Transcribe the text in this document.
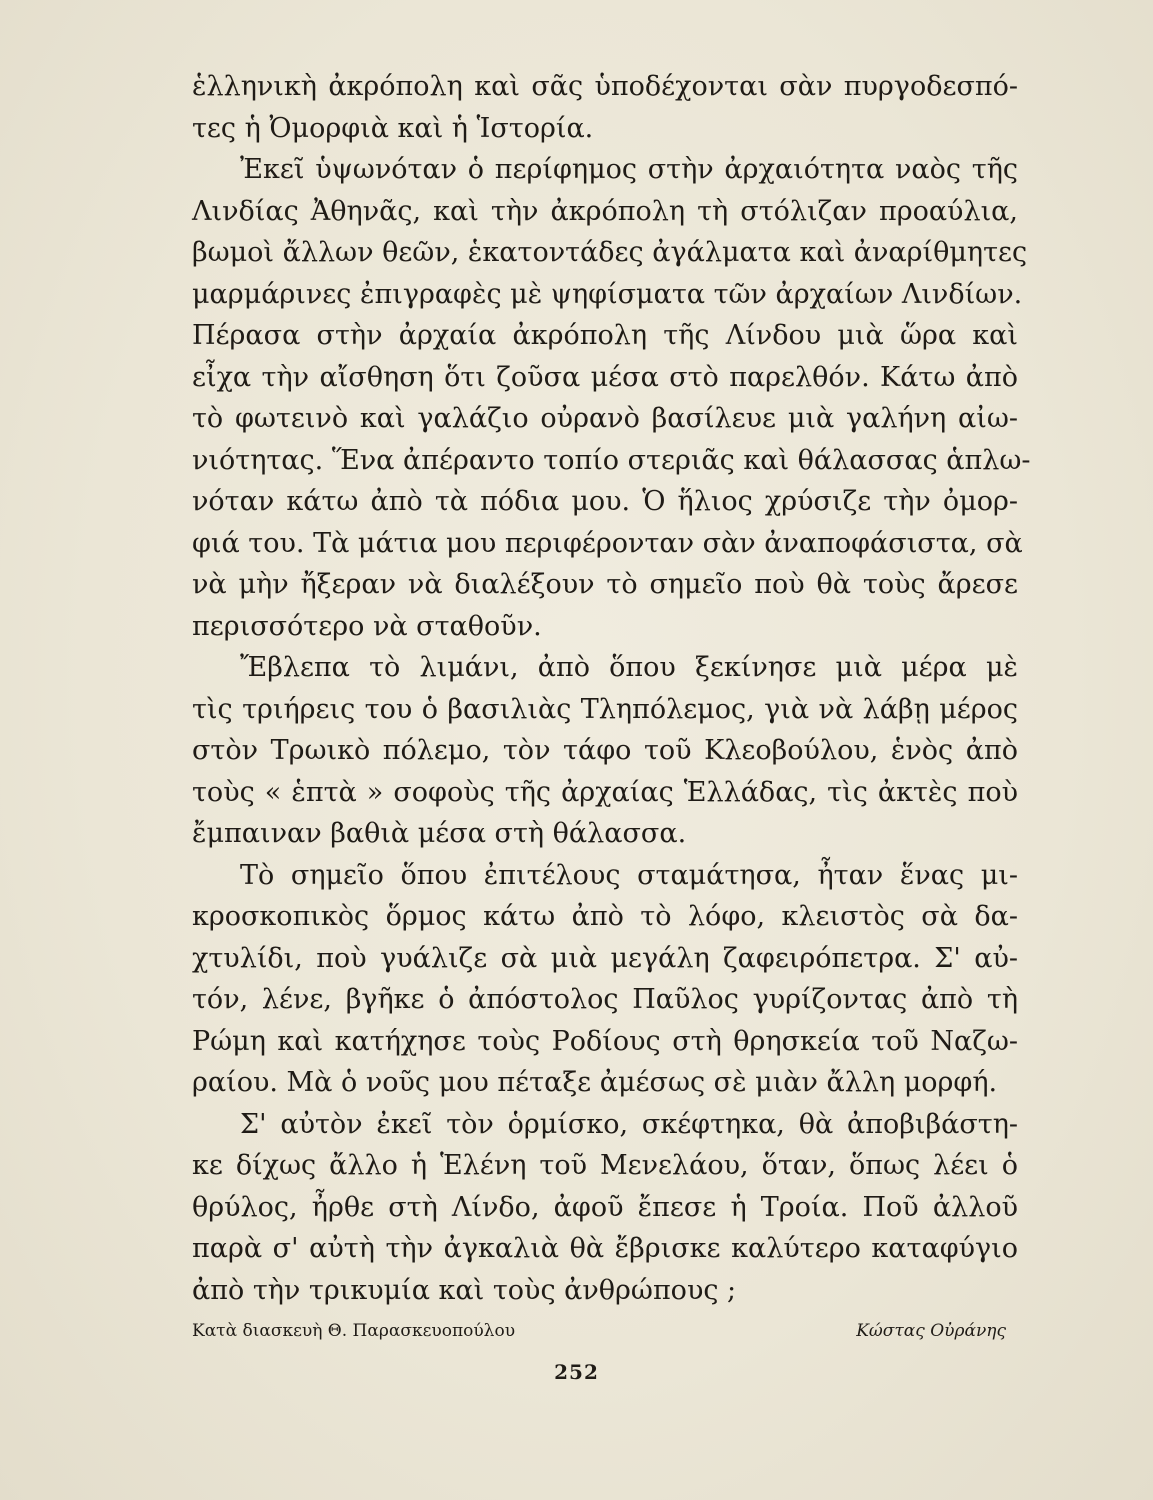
ἑλληνικὴ ἀκρόπολη καὶ σᾶς ὑποδέχονται σὰν πυργοδεσπό-
τες ἡ Ὀμορφιὰ καὶ ἡ Ἱστορία.
Ἐκεῖ ὑψωνόταν ὁ περίφημος στὴν ἀρχαιότητα ναὸς τῆς
Λινδίας Ἀθηνᾶς, καὶ τὴν ἀκρόπολη τὴ στόλιζαν προαύλια,
βωμοὶ ἄλλων θεῶν, ἑκατοντάδες ἀγάλματα καὶ ἀναρίθμητες
μαρμάρινες ἐπιγραφὲς μὲ ψηφίσματα τῶν ἀρχαίων Λινδίων.
Πέρασα στὴν ἀρχαία ἀκρόπολη τῆς Λίνδου μιὰ ὥρα καὶ
εἶχα τὴν αἴσθηση ὅτι ζοῦσα μέσα στὸ παρελθόν. Κάτω ἀπὸ
τὸ φωτεινὸ καὶ γαλάζιο οὐρανὸ βασίλευε μιὰ γαλήνη αἰω-
νιότητας. Ἕνα ἀπέραντο τοπίο στεριᾶς καὶ θάλασσας ἁπλω-
νόταν κάτω ἀπὸ τὰ πόδια μου. Ὁ ἥλιος χρύσιζε τὴν ὀμορ-
φιά του. Τὰ μάτια μου περιφέρονταν σὰν ἀναποφάσιστα, σὰ
νὰ μὴν ἤξεραν νὰ διαλέξουν τὸ σημεῖο ποὺ θὰ τοὺς ἄρεσε
περισσότερο νὰ σταθοῦν.
Ἔβλεπα τὸ λιμάνι, ἀπὸ ὅπου ξεκίνησε μιὰ μέρα μὲ
τὶς τριήρεις του ὁ βασιλιὰς Τληπόλεμος, γιὰ νὰ λάβῃ μέρος
στὸν Τρωικὸ πόλεμο, τὸν τάφο τοῦ Κλεοβούλου, ἑνὸς ἀπὸ
τοὺς « ἑπτὰ » σοφοὺς τῆς ἀρχαίας Ἑλλάδας, τὶς ἀκτὲς ποὺ
ἔμπαιναν βαθιὰ μέσα στὴ θάλασσα.
Τὸ σημεῖο ὅπου ἐπιτέλους σταμάτησα, ἦταν ἕνας μι-
κροσκοπικὸς ὅρμος κάτω ἀπὸ τὸ λόφο, κλειστὸς σὰ δα-
χτυλίδι, ποὺ γυάλιζε σὰ μιὰ μεγάλη ζαφειρόπετρα. Σ' αὐ-
τόν, λένε, βγῆκε ὁ ἀπόστολος Παῦλος γυρίζοντας ἀπὸ τὴ
Ρώμη καὶ κατήχησε τοὺς Ροδίους στὴ θρησκεία τοῦ Ναζω-
ραίου. Μὰ ὁ νοῦς μου πέταξε ἀμέσως σὲ μιὰν ἄλλη μορφή.
Σ' αὐτὸν ἐκεῖ τὸν ὁρμίσκο, σκέφτηκα, θὰ ἀποβιβάστη-
κε δίχως ἄλλο ἡ Ἑλένη τοῦ Μενελάου, ὅταν, ὅπως λέει ὁ
θρύλος, ἦρθε στὴ Λίνδο, ἀφοῦ ἔπεσε ἡ Τροία. Ποῦ ἀλλοῦ
παρὰ σ' αὐτὴ τὴν ἀγκαλιὰ θὰ ἔβρισκε καλύτερο καταφύγιο
ἀπὸ τὴν τρικυμία καὶ τοὺς ἀνθρώπους ;
Κατὰ διασκευὴ Θ. Παρασκευοπούλου	Κώστας Οὐράνης
252
